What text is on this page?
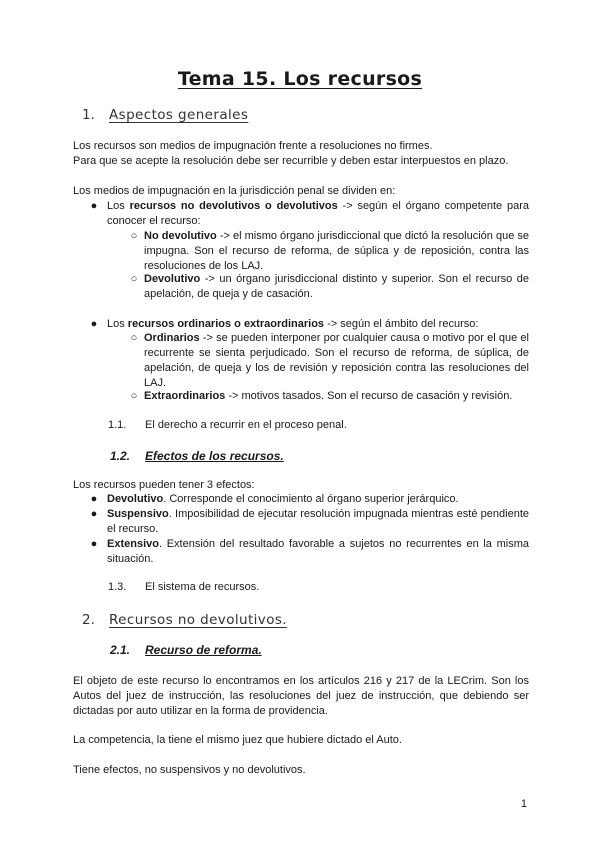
Tema 15. Los recursos
1.	Aspectos generales
Los recursos son medios de impugnación frente a resoluciones no firmes.
Para que se acepte la resolución debe ser recurrible y deben estar interpuestos en plazo.
Los medios de impugnación en la jurisdicción penal se dividen en:
● Los recursos no devolutivos o devolutivos -> según el órgano competente para conocer el recurso:
○ No devolutivo -> el mismo órgano jurisdiccional que dictó la resolución que se impugna. Son el recurso de reforma, de súplica y de reposición, contra las resoluciones de los LAJ.
○ Devolutivo -> un órgano jurisdiccional distinto y superior. Son el recurso de apelación, de queja y de casación.
● Los recursos ordinarios o extraordinarios -> según el ámbito del recurso:
○ Ordinarios -> se pueden interponer por cualquier causa o motivo por el que el recurrente se sienta perjudicado. Son el recurso de reforma, de súplica, de apelación, de queja y los de revisión y reposición contra las resoluciones del LAJ.
○ Extraordinarios -> motivos tasados. Son el recurso de casación y revisión.
1.1.	El derecho a recurrir en el proceso penal.
1.2.	Efectos de los recursos.
Los recursos pueden tener 3 efectos:
● Devolutivo. Corresponde el conocimiento al órgano superior jerárquico.
● Suspensivo. Imposibilidad de ejecutar resolución impugnada mientras esté pendiente el recurso.
● Extensivo. Extensión del resultado favorable a sujetos no recurrentes en la misma situación.
1.3.	El sistema de recursos.
2.	Recursos no devolutivos.
2.1.	Recurso de reforma.
El objeto de este recurso lo encontramos en los artículos 216 y 217 de la LECrim. Son los Autos del juez de instrucción, las resoluciones del juez de instrucción, que debiendo ser dictadas por auto utilizar en la forma de providencia.
La competencia, la tiene el mismo juez que hubiere dictado el Auto.
Tiene efectos, no suspensivos y no devolutivos.
1
